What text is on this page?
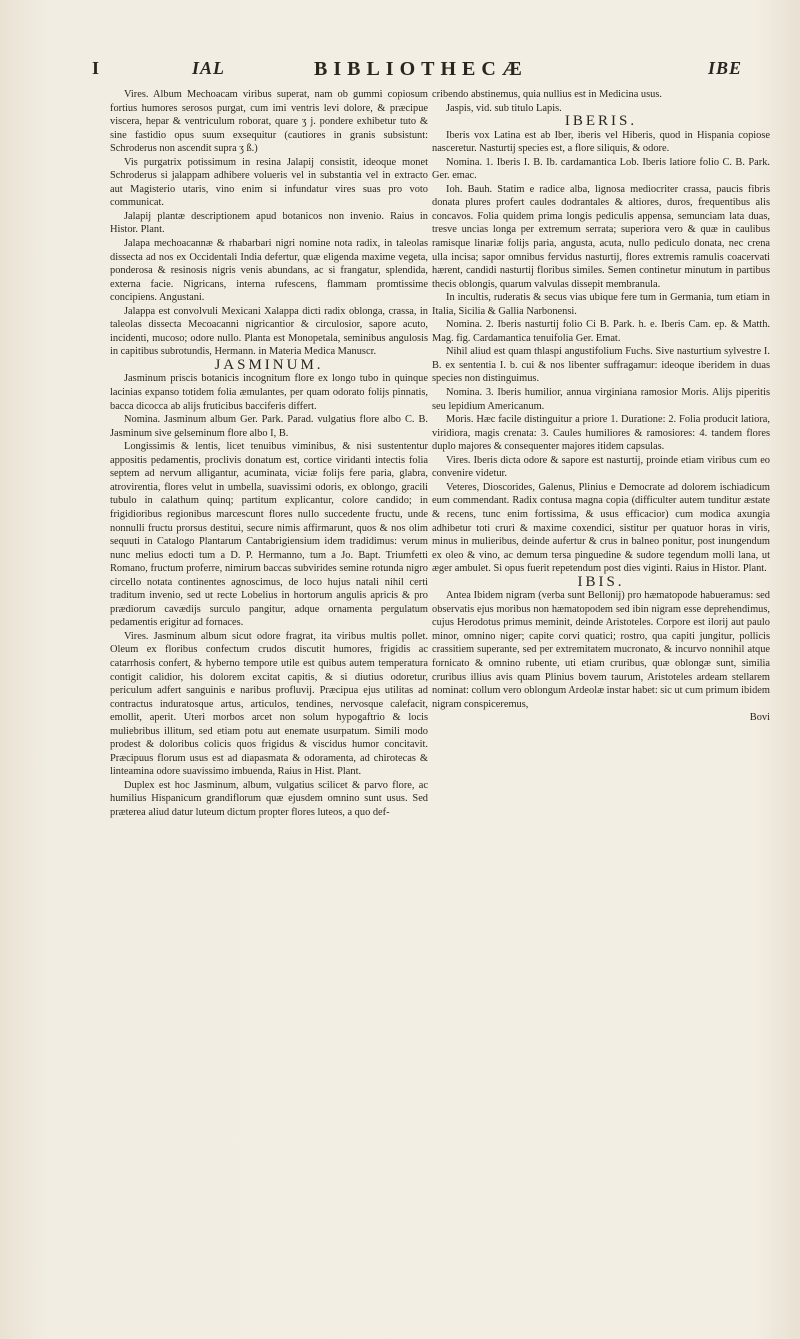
I	IAL	BIBLIOTHECÆ	IBE

Vires. Album Mechoacam viribus superat, nam ob gummi copiosum fortius humores serosos purgat, cum imi ventris levi dolore, & præcipue viscera, hepar & ventriculum roborat, quare ʒ j. pondere exhibetur tuto & sine fastidio opus suum exsequitur (cautiores in granis subsistunt: Schroderus non ascendit supra ʒ ß.)

Vis purgatrix potissimum in resina Jalapij consistit, ideoque monet Schroderus si jalappam adhibere voluеris vel in substantia vel in extracto aut Magisterio utaris, vino enim si infundatur vires suas pro voto communicat.

Jalapij plantæ descriptionem apud botanicos non invenio. Raius in Histor. Plant.

Jalapa mechoacannæ & rhabarbari nigri nomine nota radix, in taleolas dissecta ad nos ex Occidentali India defertur, quæ eligenda maxime vegeta, ponderosa & resinosis nigris venis abundans, ac si frangatur, splendida, externa facie. Nigricans, interna rufescens, flammam promtissime concipiens. Angustani.

Jalappa est convolvuli Mexicani Xalappa dicti radix oblonga, crassa, in taleolas dissecta Mecoacanni nigricantior & circulosior, sapore acuto, incidenti, mucoso; odore nullo. Planta est Monopetala, seminibus angulosis in capitibus subrotundis, Hermann. in Materia Medica Manuscr.

JASMINUM.

Jasminum priscis botanicis incognitum flore ex longo tubo in quinque lacinias expanso totidem folia æmulantes, per quam odorato folijs pinnatis, bacca dicocca ab alijs fruticibus bacciferis differt.

Nomina. Jasminum album Ger. Park. Parad. vulgatius flore albo C. B. Jasminum sive gelseminum flore albo I, B.

Longissimis & lentis, licet tenuibus viminibus, & nisi sustententur appositis pedamentis, proclivis donatum est, cortice viridanti intectis folia septem ad nervum alligantur, acuminata, viciæ folijs fere paria, glabra, atrovirentia, flores velut in umbella, suavissimi odoris, ex oblongo, gracili tubulo in calathum quinq; partitum explicantur, colore candido; in frigidioribus regionibus marcescunt flores nullo succedente fructu, unde nonnulli fructu prorsus destitui, secure nimis affirmarunt, quos & nos olim sequuti in Catalogo Plantarum Cantabrigiensium idem tradidimus: verum nunc melius edocti tum a D. P. Hermanno, tum a Jo. Bapt. Triumfetti Romano, fructum proferre, nimirum baccas subvirides semine rotunda nigro circello notata continentes agnoscimus, de loco hujus natali nihil certi traditum invenio, sed ut recte Lobelius in hortorum angulis apricis & pro prædiorum cavædijs surculo pangitur, adque ornamenta pergulatum pedamentis erigitur ad fornaces.

Vires. Jasminum album sicut odore fragrat, ita viribus multis pollet. Oleum ex floribus confectum crudos discutit humores, frigidis ac catarrhosis confert, & hyberno tempore utile est quibus autem temperatura contigit calidior, his dolorem excitat capitis, & si diutius odoretur, periculum adfert sanguinis e naribus profluvij. Præcipua ejus utilitas ad contractus induratosque artus, articulos, tendines, nervosque calefacit, emollit, aperit. Uteri morbos arcet non solum hypogaftrio & locis muliebribus illitum, sed etiam potu aut enemate usurpatum. Simili modo prodest & doloribus colicis quos frigidus & viscidus humor concitavit. Præcipuus florum usus est ad diapasmata & odoramenta, ad chirotecas & linteamina odore suavissimo imbuenda, Raius in Hist. Plant.

Duplex est hoc Jasminum, album, vulgatius scilicet & parvo flore, ac humilius Hispanicum grandiflorum quæ ejusdem omnino sunt usus. Sed præterea aliud datur luteum dictum propter flores luteos, a quo def-

cribendo abstinemus, quia nullius est in Medicina usus.

Jaspis, vid. sub titulo Lapis.

IBERIS.

Iberis vox Latina est ab Iber, iberis vel Hiberis, quod in Hispania copiose nasceretur. Nasturtij species est, a flore siliquis, & odore.

Nomina. 1. Iberis I. B. Ib. cardamantica Lob. Iberis latiore folio C. B. Park. Ger. emac.

Ioh. Bauh. Statim e radice alba, lignosa mediocriter crassa, paucis fibris donata plures profert caules dodrantales & altiores, duros, frequentibus alis concavos. Folia quidem prima longis pediculis appensa, semunciam lata duas, tresve uncias longa per extremum serrata; superiora vero & quæ in caulibus ramisque linariæ folijs paria, angusta, acuta, nullo pediculo donata, nec crena ulla incisa; sapor omnibus fervidus nasturtij, flores extremis ramulis coacervati hærent, candidi nasturtij floribus similes. Semen continetur minutum in partibus thecis oblongis, quarum valvulas dissepit membranula.

In incultis, ruderatis & secus vias ubique fere tum in Germania, tum etiam in Italia, Sicilia & Gallia Narbonensi.

Nomina. 2. Iberis nasturtij folio Ci B. Park. h. e. Iberis Cam. ep. & Matth. Mag. fig. Cardamantica tenuifolia Ger. Emat.

Nihil aliud est quam thlaspi angustifolium Fuchs. Sive nasturtium sylvestre I. B. ex sententia I. b. cui & nos libenter suffragamur: ideoque iberidem in duas species non distinguimus.

Nomina. 3. Iberis humilior, annua virginiana ramosior Moris. Alijs piperitis seu lepidium Americanum.

Moris. Hæc facile distinguitur a priore 1. Duratione: 2. Folia producit latiora, viridiora, magis crenata: 3. Caules humiliores & ramosiores: 4. tandem flores duplo majores & consequenter majores itidem capsulas.

Vires. Iberis dicta odore & sapore est nasturtij, proinde etiam viribus cum eo convenire videtur.

Veteres, Dioscorides, Galenus, Plinius e Democrate ad dolorem ischiadicum eum commendant. Radix contusa magna copia (difficulter autem tunditur æstate & recens, tunc enim fortissima, & usus efficacior) cum modica axungia adhibetur toti cruri & maxime coxendici, sistitur per quatuor horas in viris, minus in mulieribus, deinde aufertur & crus in balneo ponitur, post inungendum ex oleo & vino, ac demum tersa pinguedine & sudore tegendum molli lana, ut æger ambulet. Si opus fuerit repetendum post dies viginti. Raius in Histor. Plant.

IBIS.

Antea Ibidem nigram (verba sunt Bellonij) pro hæmatopode habueramus: sed observatis ejus moribus non hæmatopodem sed ibin nigram esse deprehendimus, cujus Herodotus primus meminit, deinde Aristoteles. Corpore est ilorij aut paulo minor, omnino niger; capite corvi quatici; rostro, qua capiti jungitur, pollicis crassitiem superante, sed per extremitatem mucronato, & incurvo nonnihil atque fornicato & omnino rubente, uti etiam cruribus, quæ oblongæ sunt, similia cruribus illius avis quam Plinius bovem taurum, Aristoteles ardeam stellarem nominat: collum vero oblongum Ardeolæ instar habet: sic ut cum primum ibidem nigram conspiceremus,

Bovi
